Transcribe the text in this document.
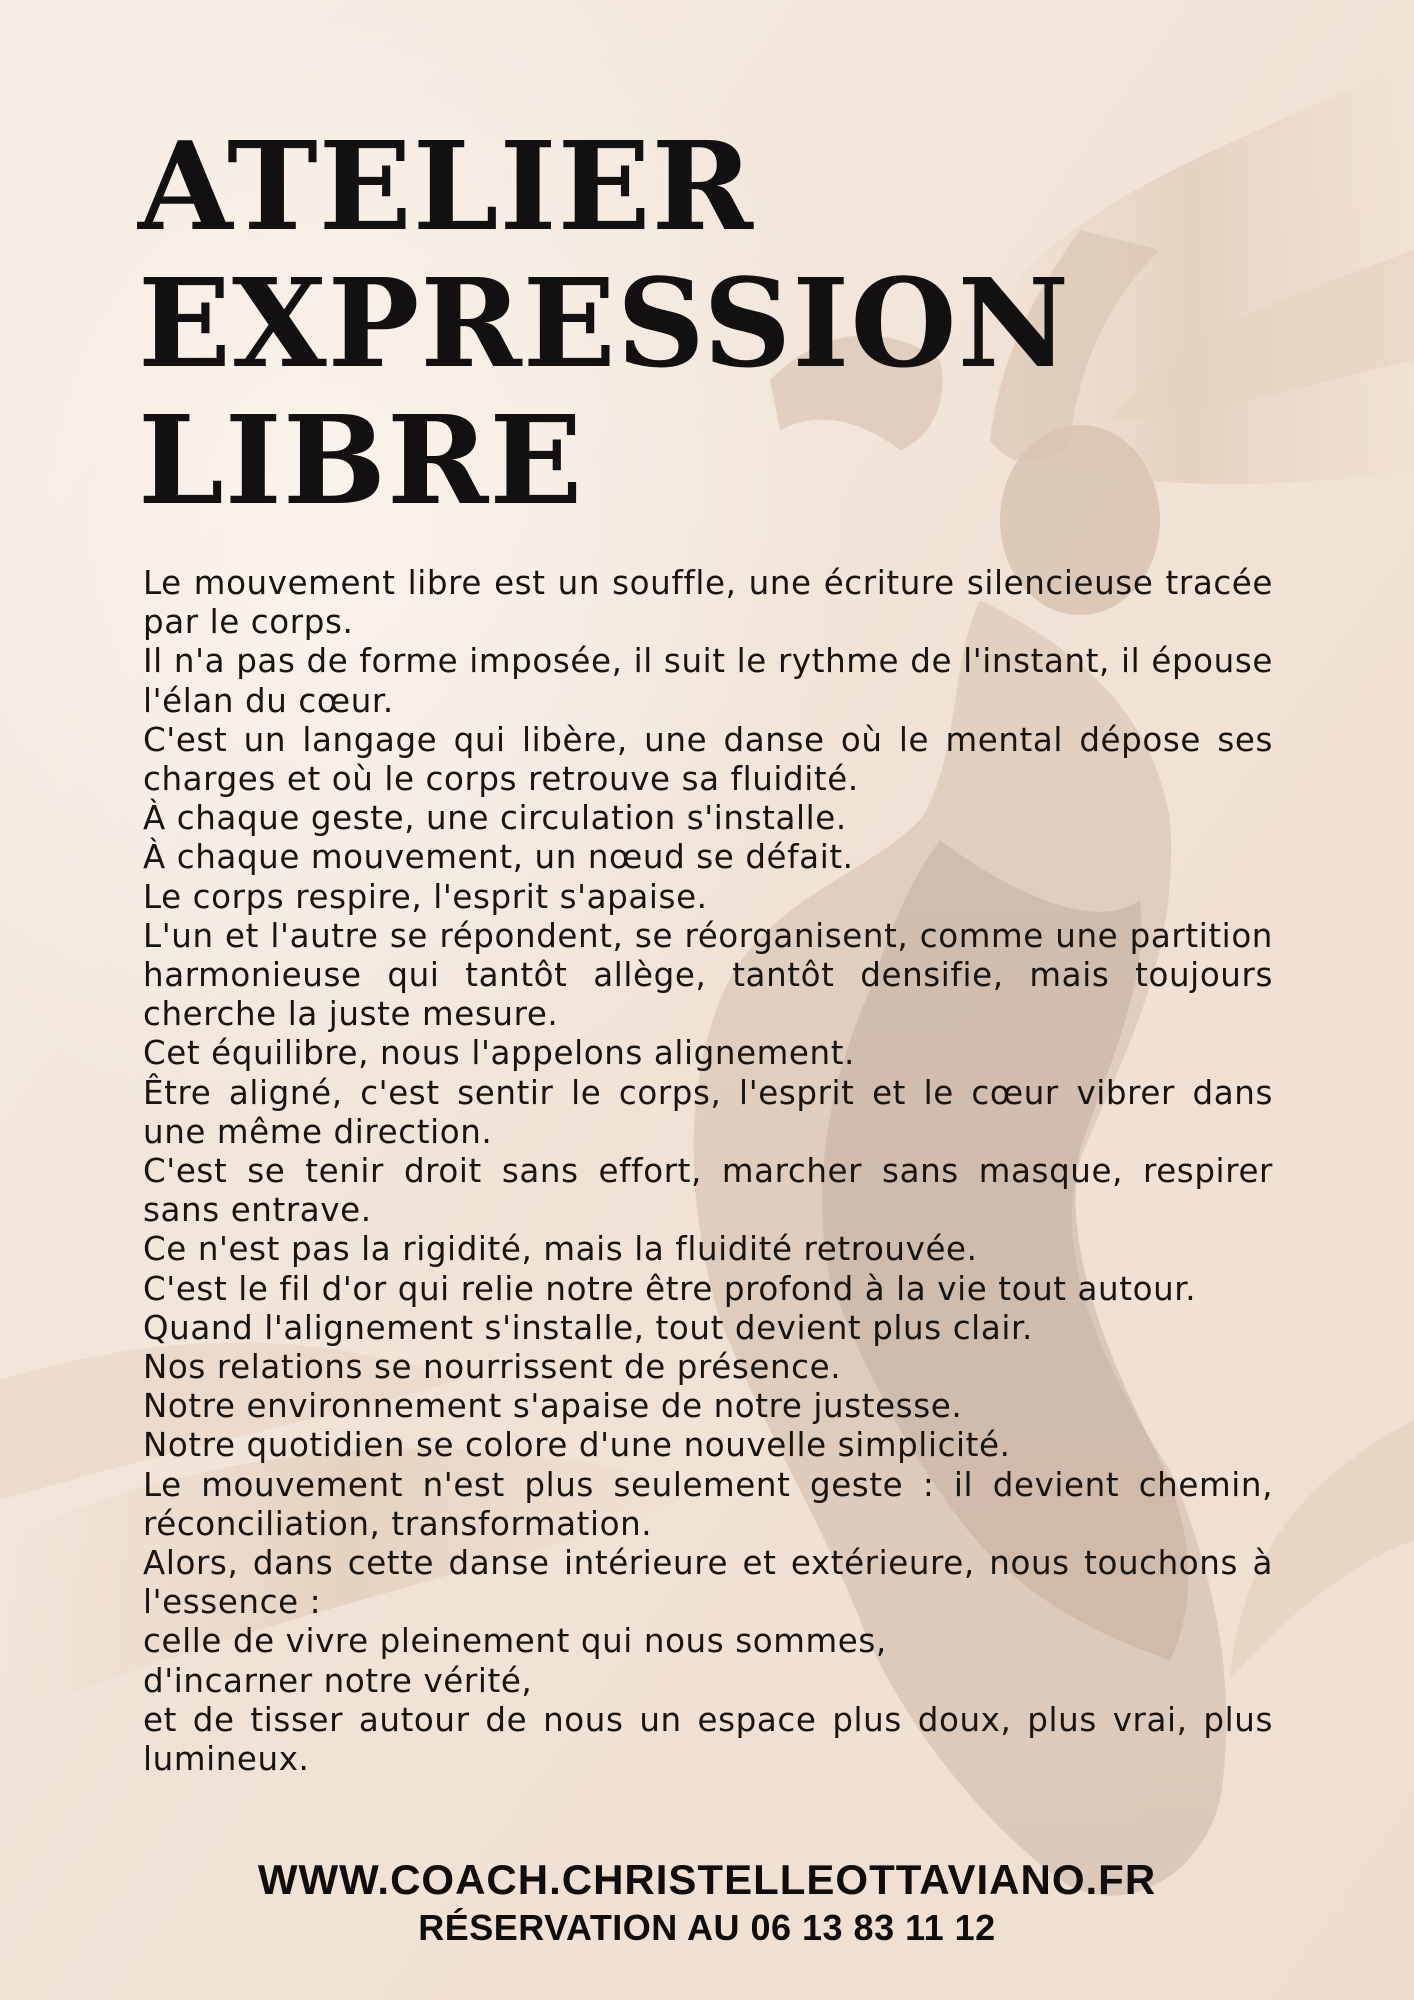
ATELIER
EXPRESSION
LIBRE
Le mouvement libre est un souffle, une écriture silencieuse tracée par le corps.
Il n'a pas de forme imposée, il suit le rythme de l'instant, il épouse l'élan du cœur.
C'est un langage qui libère, une danse où le mental dépose ses charges et où le corps retrouve sa fluidité.
À chaque geste, une circulation s'installe.
À chaque mouvement, un nœud se défait.
Le corps respire, l'esprit s'apaise.
L'un et l'autre se répondent, se réorganisent, comme une partition harmonieuse qui tantôt allège, tantôt densifie, mais toujours cherche la juste mesure.
Cet équilibre, nous l'appelons alignement.
Être aligné, c'est sentir le corps, l'esprit et le cœur vibrer dans une même direction.
C'est se tenir droit sans effort, marcher sans masque, respirer sans entrave.
Ce n'est pas la rigidité, mais la fluidité retrouvée.
C'est le fil d'or qui relie notre être profond à la vie tout autour.
Quand l'alignement s'installe, tout devient plus clair.
Nos relations se nourrissent de présence.
Notre environnement s'apaise de notre justesse.
Notre quotidien se colore d'une nouvelle simplicité.
Le mouvement n'est plus seulement geste : il devient chemin, réconciliation, transformation.
Alors, dans cette danse intérieure et extérieure, nous touchons à l'essence :
celle de vivre pleinement qui nous sommes,
d'incarner notre vérité,
et de tisser autour de nous un espace plus doux, plus vrai, plus lumineux.
WWW.COACH.CHRISTELLEOTTAVIANO.FR
RÉSERVATION AU 06 13 83 11 12
